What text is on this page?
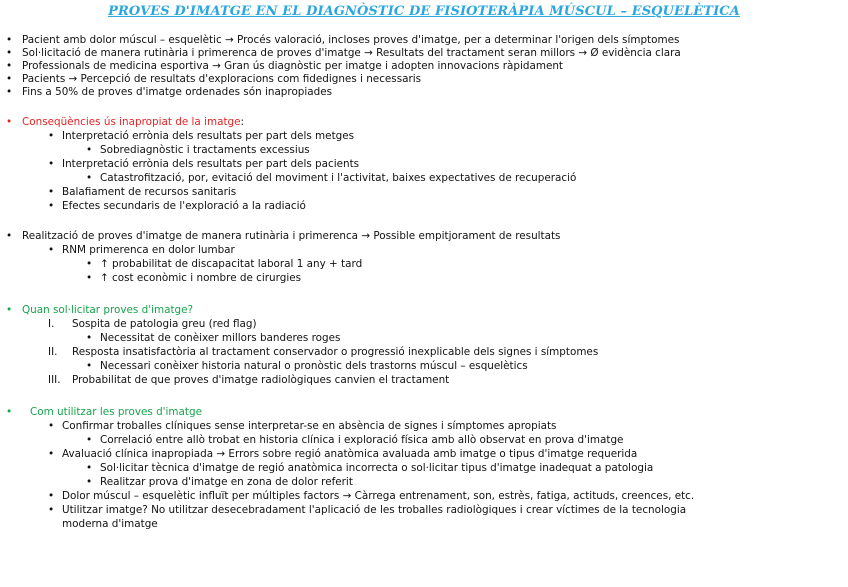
PROVES D'IMATGE EN EL DIAGNÒSTIC DE FISIOTERÀPIA MÚSCUL – ESQUELÈTICA
• Pacient amb dolor múscul – esquelètic → Procés valoració, incloses proves d'imatge, per a determinar l'origen dels símptomes
• Sol·licitació de manera rutinària i primerenca de proves d'imatge → Resultats del tractament seran millors → Ø evidència clara
• Professionals de medicina esportiva → Gran ús diagnòstic per imatge i adopten innovacions ràpidament
• Pacients → Percepció de resultats d'exploracions com fidedignes i necessaris
• Fins a 50% de proves d'imatge ordenades són inapropiades
• Conseqüències ús inapropiat de la imatge:
• Interpretació errònia dels resultats per part dels metges
• Sobrediagnòstic i tractaments excessius
• Interpretació errònia dels resultats per part dels pacients
• Catastrofització, por, evitació del moviment i l'activitat, baixes expectatives de recuperació
• Balafiament de recursos sanitaris
• Efectes secundaris de l'exploració a la radiació
• Realització de proves d'imatge de manera rutinària i primerenca → Possible empitjorament de resultats
• RNM primerenca en dolor lumbar
• ↑ probabilitat de discapacitat laboral 1 any + tard
• ↑ cost econòmic i nombre de cirurgies
• Quan sol·licitar proves d'imatge?
I. Sospita de patologia greu (red flag)
• Necessitat de conèixer millors banderes roges
II. Resposta insatisfactòria al tractament conservador o progressió inexplicable dels signes i símptomes
• Necessari conèixer historia natural o pronòstic dels trastorns múscul – esquelètics
III. Probabilitat de que proves d'imatge radiològiques canvien el tractament
• Com utilitzar les proves d'imatge
• Confirmar troballes clíniques sense interpretar-se en absència de signes i símptomes apropiats
• Correlació entre allò trobat en historia clínica i exploració física amb allò observat en prova d'imatge
• Avaluació clínica inapropiada → Errors sobre regió anatòmica avaluada amb imatge o tipus d'imatge requerida
• Sol·licitar tècnica d'imatge de regió anatòmica incorrecta o sol·licitar tipus d'imatge inadequat a patologia
• Realitzar prova d'imatge en zona de dolor referit
• Dolor múscul – esquelètic influït per múltiples factors → Càrrega entrenament, son, estrès, fatiga, actituds, creences, etc.
• Utilitzar imatge? No utilitzar desecebradament l'aplicació de les troballes radiològiques i crear víctimes de la tecnologia
moderna d'imatge
